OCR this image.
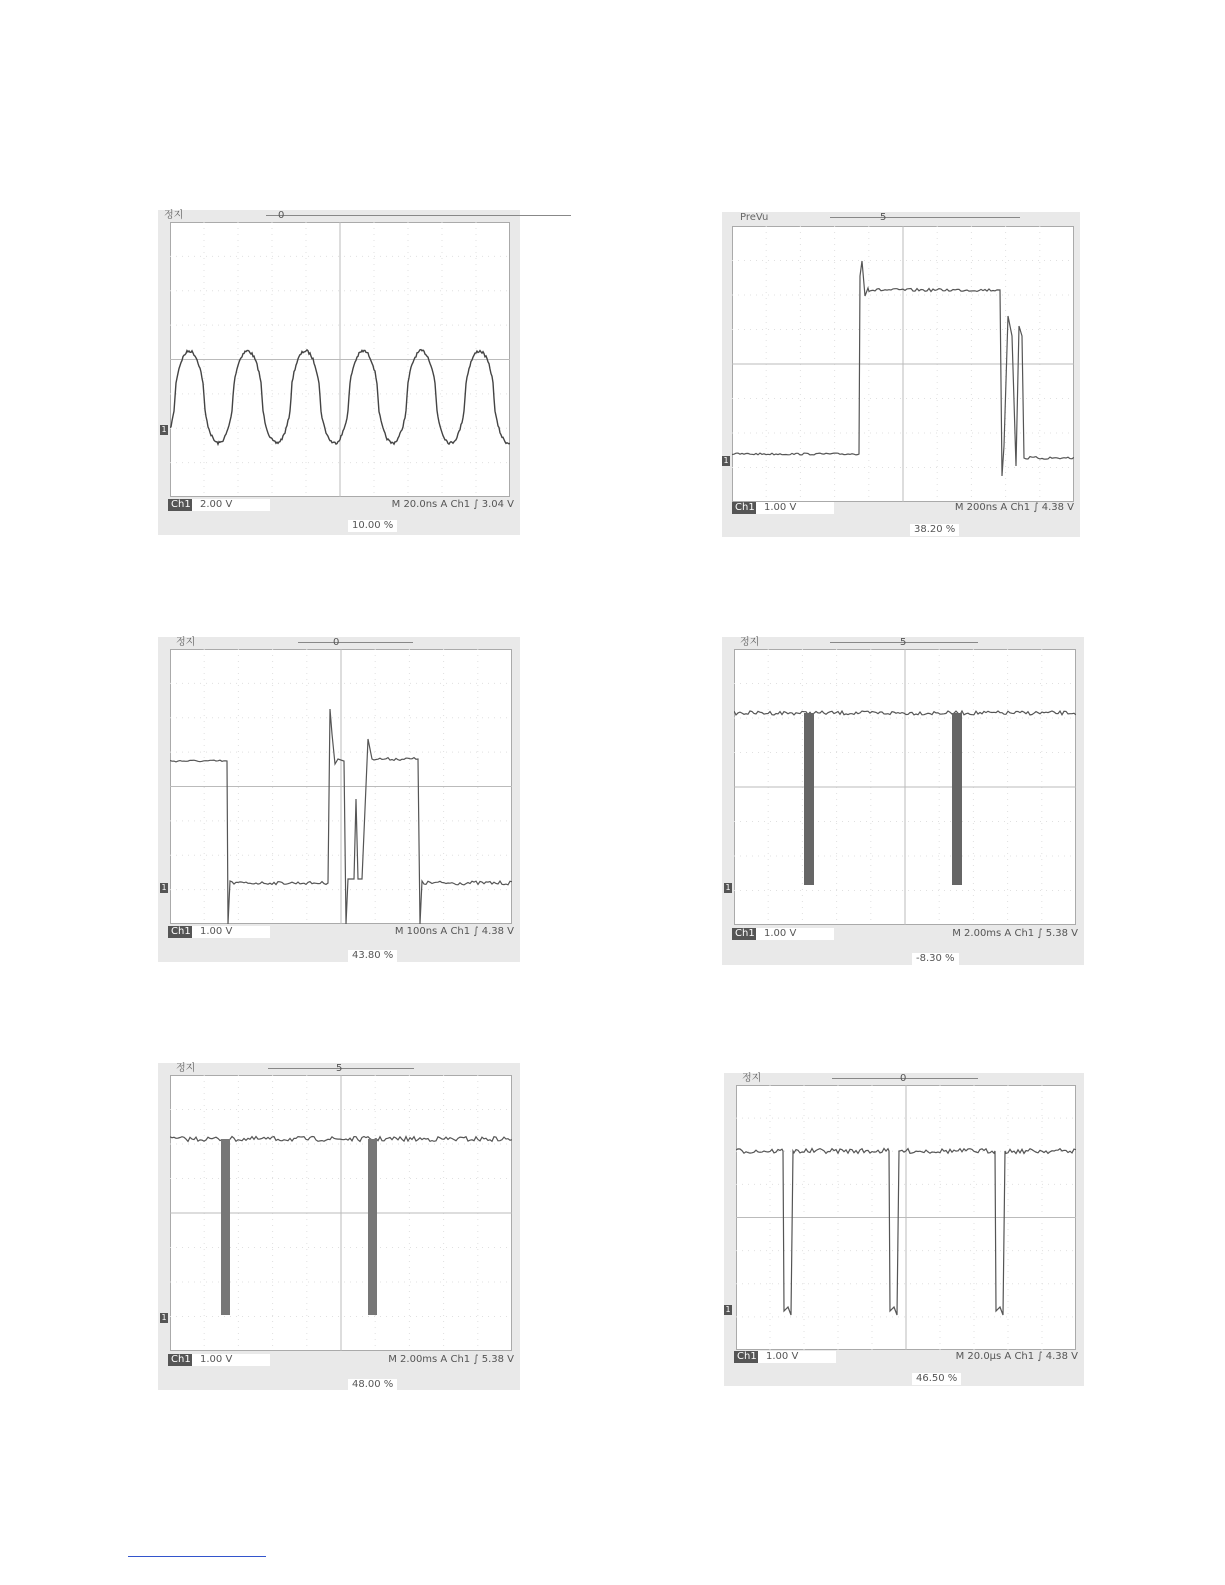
정지	0
1
Ch1 2.00 V	M 20.0ns A Ch1 ∫ 3.04 V
10.00 %
PreVu	5
1
Ch1 1.00 V	M 200ns A Ch1 ∫ 4.38 V
38.20 %
정지	0
1
Ch1 1.00 V	M 100ns A Ch1 ∫ 4.38 V
43.80 %
정지	5
1
Ch1 1.00 V	M 2.00ms A Ch1 ∫ 5.38 V
-8.30 %
정지	5
1
Ch1 1.00 V	M 2.00ms A Ch1 ∫ 5.38 V
48.00 %
정지	0
1
Ch1 1.00 V	M 20.0µs A Ch1 ∫ 4.38 V
46.50 %
